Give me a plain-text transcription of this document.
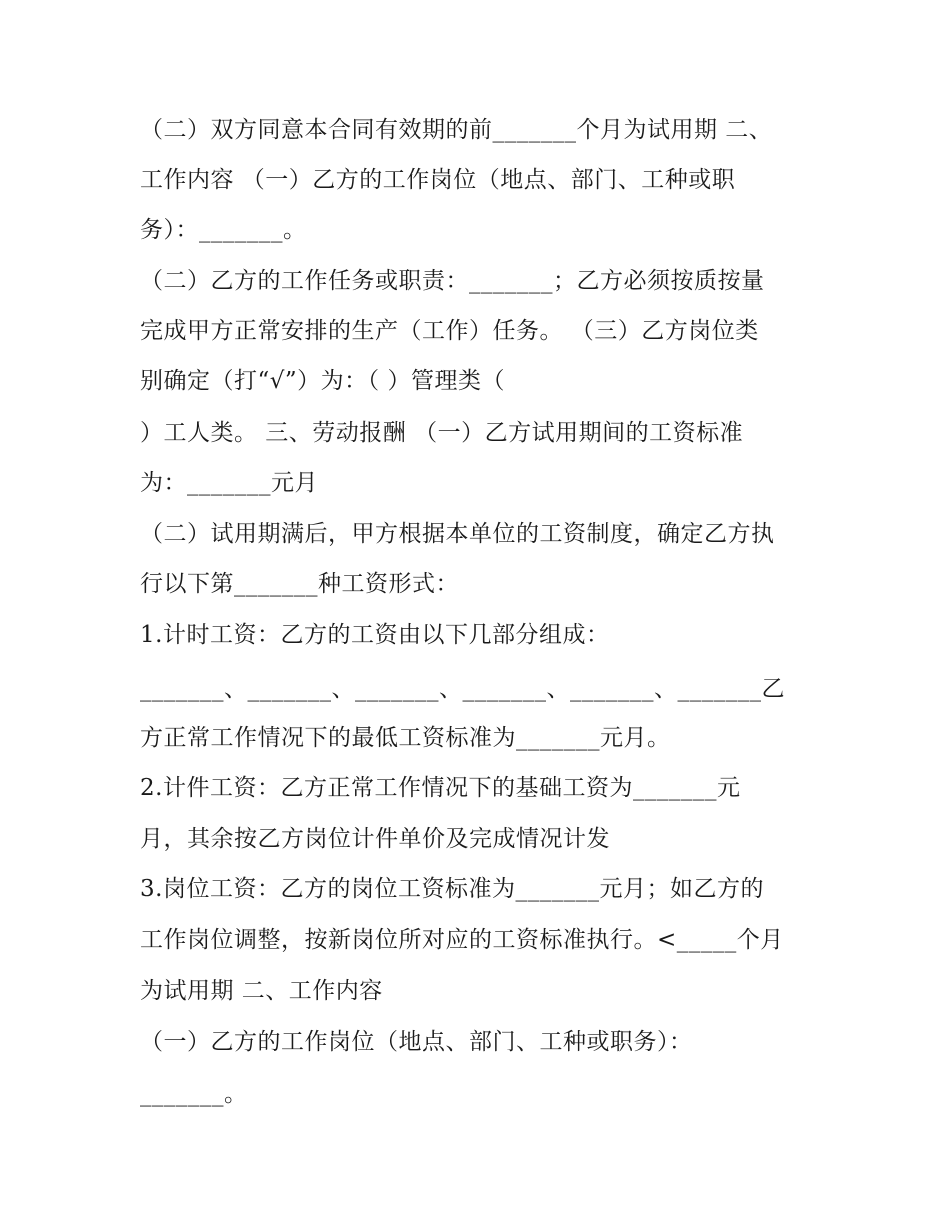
（二）双方同意本合同有效期的前_______个月为试用期 二、
工作内容 （一）乙方的工作岗位（地点、部门、工种或职
务）：_______。
（二）乙方的工作任务或职责：_______；乙方必须按质按量
完成甲方正常安排的生产（工作）任务。 （三）乙方岗位类
别确定（打“√”）为：（ ）管理类（
）工人类。 三、劳动报酬 （一）乙方试用期间的工资标准
为：_______元月
（二）试用期满后，甲方根据本单位的工资制度，确定乙方执
行以下第_______种工资形式：
1.计时工资：乙方的工资由以下几部分组成：
_______、_______、_______、_______、_______、_______乙
方正常工作情况下的最低工资标准为_______元月。
2.计件工资：乙方正常工作情况下的基础工资为_______元
月，其余按乙方岗位计件单价及完成情况计发
3.岗位工资：乙方的岗位工资标准为_______元月；如乙方的
工作岗位调整，按新岗位所对应的工资标准执行。<_____个月
为试用期 二、工作内容
（一）乙方的工作岗位（地点、部门、工种或职务）：
_______。
